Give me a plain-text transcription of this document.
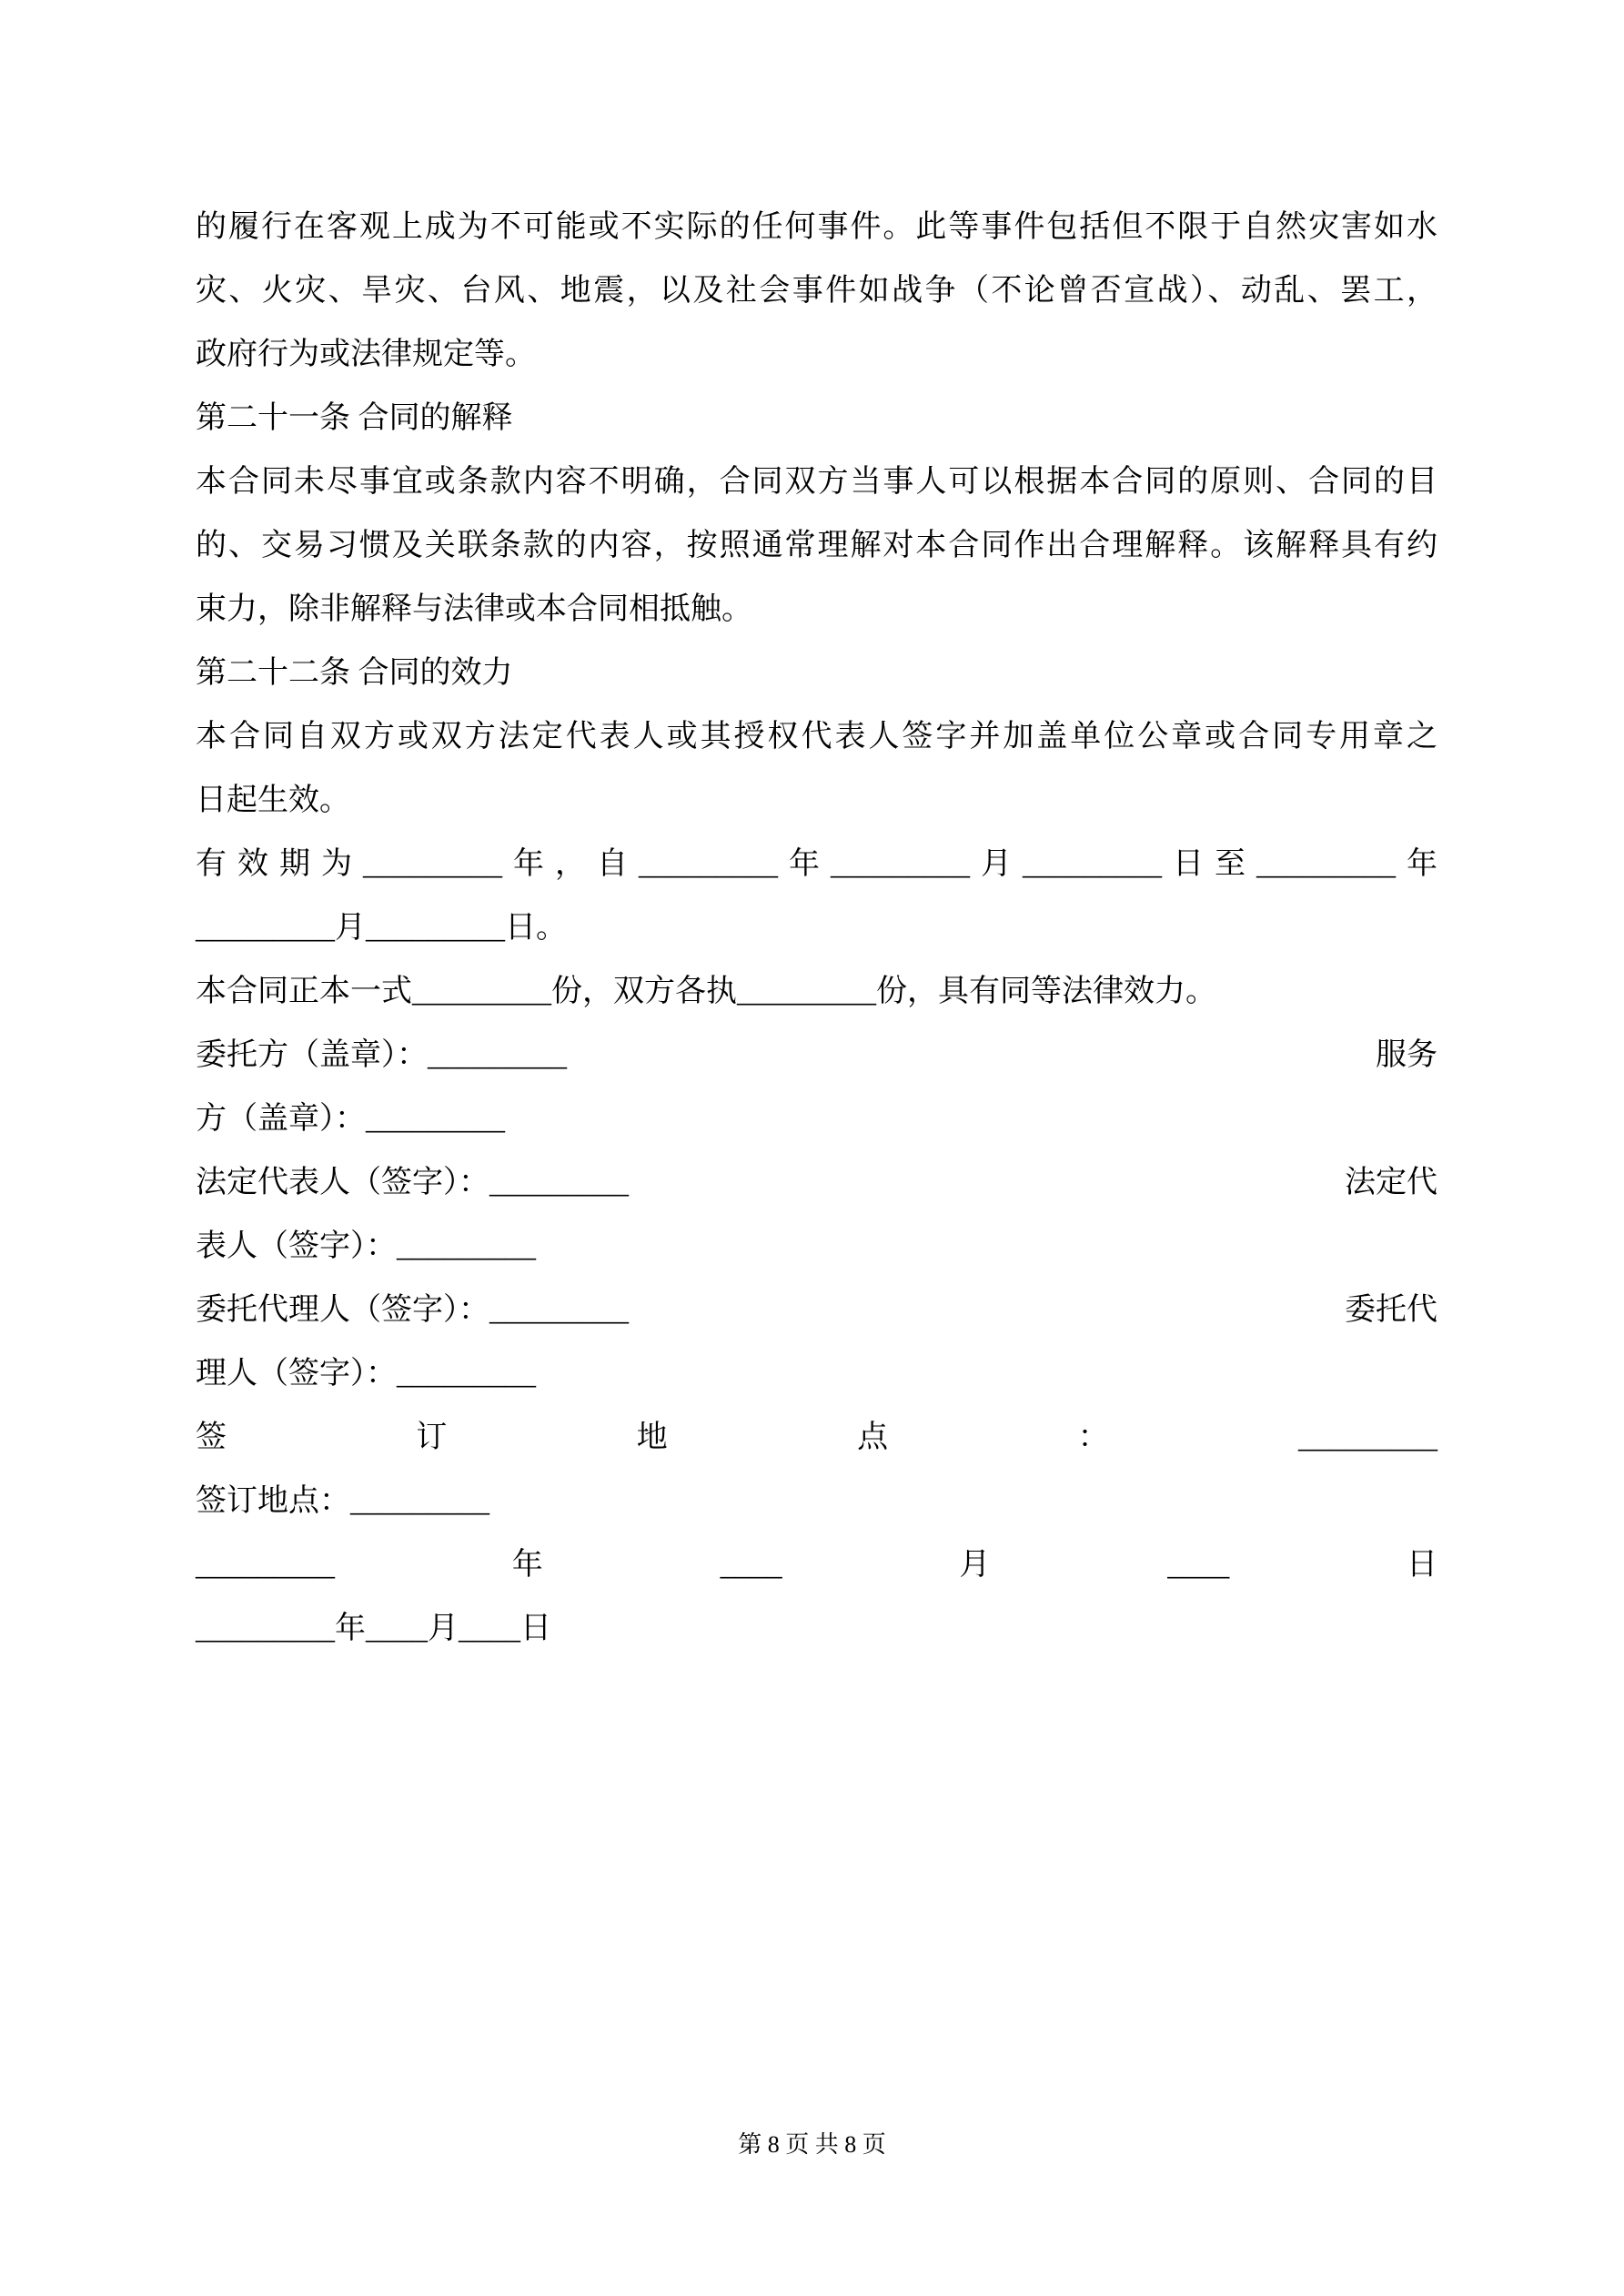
的履行在客观上成为不可能或不实际的任何事件。此等事件包括但不限于自然灾害如水
灾、火灾、旱灾、台风、地震，以及社会事件如战争（不论曾否宣战）、动乱、罢工，
政府行为或法律规定等。
第二十一条 合同的解释
本合同未尽事宜或条款内容不明确，合同双方当事人可以根据本合同的原则、合同的目
的、交易习惯及关联条款的内容，按照通常理解对本合同作出合理解释。该解释具有约
束力，除非解释与法律或本合同相抵触。
第二十二条 合同的效力
本合同自双方或双方法定代表人或其授权代表人签字并加盖单位公章或合同专用章之
日起生效。
有效期为_________年，自_________年_________月_________日至_________年
_________月_________日。
本合同正本一式_________份，双方各执_________份，具有同等法律效力。
委托方（盖章）：_________	服务
方（盖章）：_________
法定代表人（签字）：_________	法定代
表人（签字）：_________
委托代理人（签字）：_________	委托代
理人（签字）：_________
签	订	地	点	：	_________
签订地点：_________
_________	年	____	月	____	日
_________年____月____日
第 8 页 共 8 页
